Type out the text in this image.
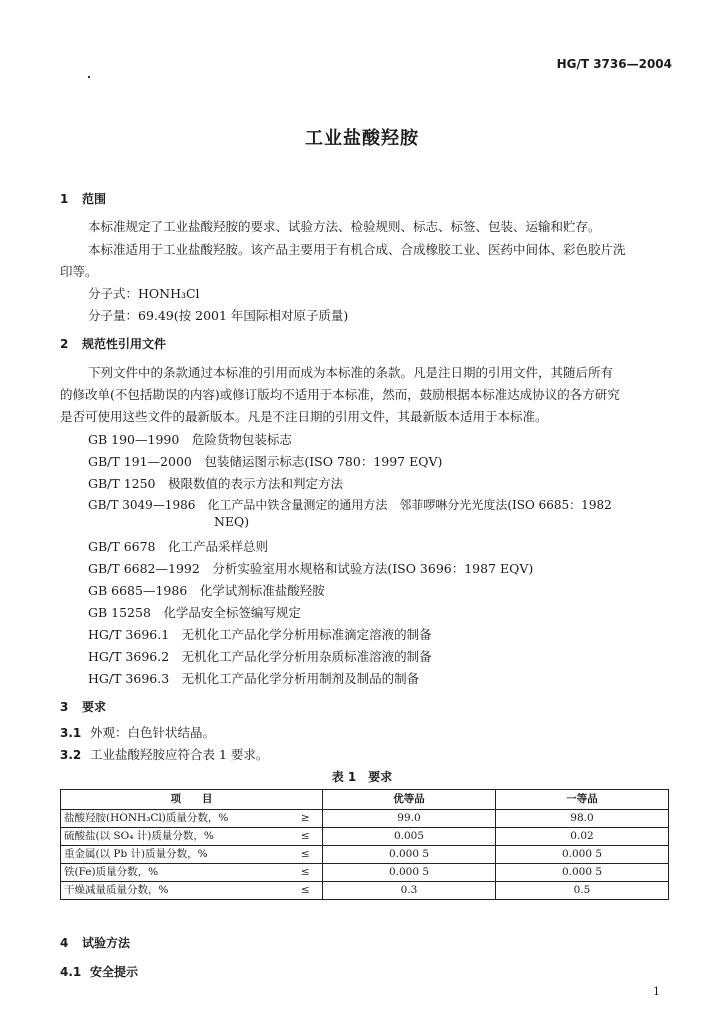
HG/T 3736—2004
工业盐酸羟胺
1 范围
本标准规定了工业盐酸羟胺的要求、试验方法、检验规则、标志、标签、包装、运输和贮存。
本标准适用于工业盐酸羟胺。该产品主要用于有机合成、合成橡胶工业、医药中间体、彩色胶片洗
印等。
分子式：HONH₃Cl
分子量：69.49(按 2001 年国际相对原子质量)
2 规范性引用文件
下列文件中的条款通过本标准的引用而成为本标准的条款。凡是注日期的引用文件，其随后所有
的修改单(不包括勘误的内容)或修订版均不适用于本标准，然而，鼓励根据本标准达成协议的各方研究
是否可使用这些文件的最新版本。凡是不注日期的引用文件，其最新版本适用于本标准。
GB 190—1990　危险货物包装标志
GB/T 191—2000　包装储运图示标志(ISO 780：1997 EQV)
GB/T 1250　极限数值的表示方法和判定方法
GB/T 3049—1986　化工产品中铁含量测定的通用方法　邻菲啰啉分光光度法(ISO 6685：1982
NEQ)
GB/T 6678　化工产品采样总则
GB/T 6682—1992　分析实验室用水规格和试验方法(ISO 3696：1987 EQV)
GB 6685—1986　化学试剂标准盐酸羟胺
GB 15258　化学品安全标签编写规定
HG/T 3696.1　无机化工产品化学分析用标准滴定溶液的制备
HG/T 3696.2　无机化工产品化学分析用杂质标准溶液的制备
HG/T 3696.3　无机化工产品化学分析用制剂及制品的制备
3 要求
3.1 外观：白色针状结晶。
3.2 工业盐酸羟胺应符合表 1 要求。
表 1　要求
项　　目		优等品	一等品
盐酸羟胺(HONH₃Cl)质量分数，%	≥	99.0	98.0
硫酸盐(以 SO₄ 计)质量分数，%	≤	0.005	0.02
重金属(以 Pb 计)质量分数，%	≤	0.000 5	0.000 5
铁(Fe)质量分数，%	≤	0.000 5	0.000 5
干燥减量质量分数，%	≤	0.3	0.5
4 试验方法
4.1 安全提示
1
